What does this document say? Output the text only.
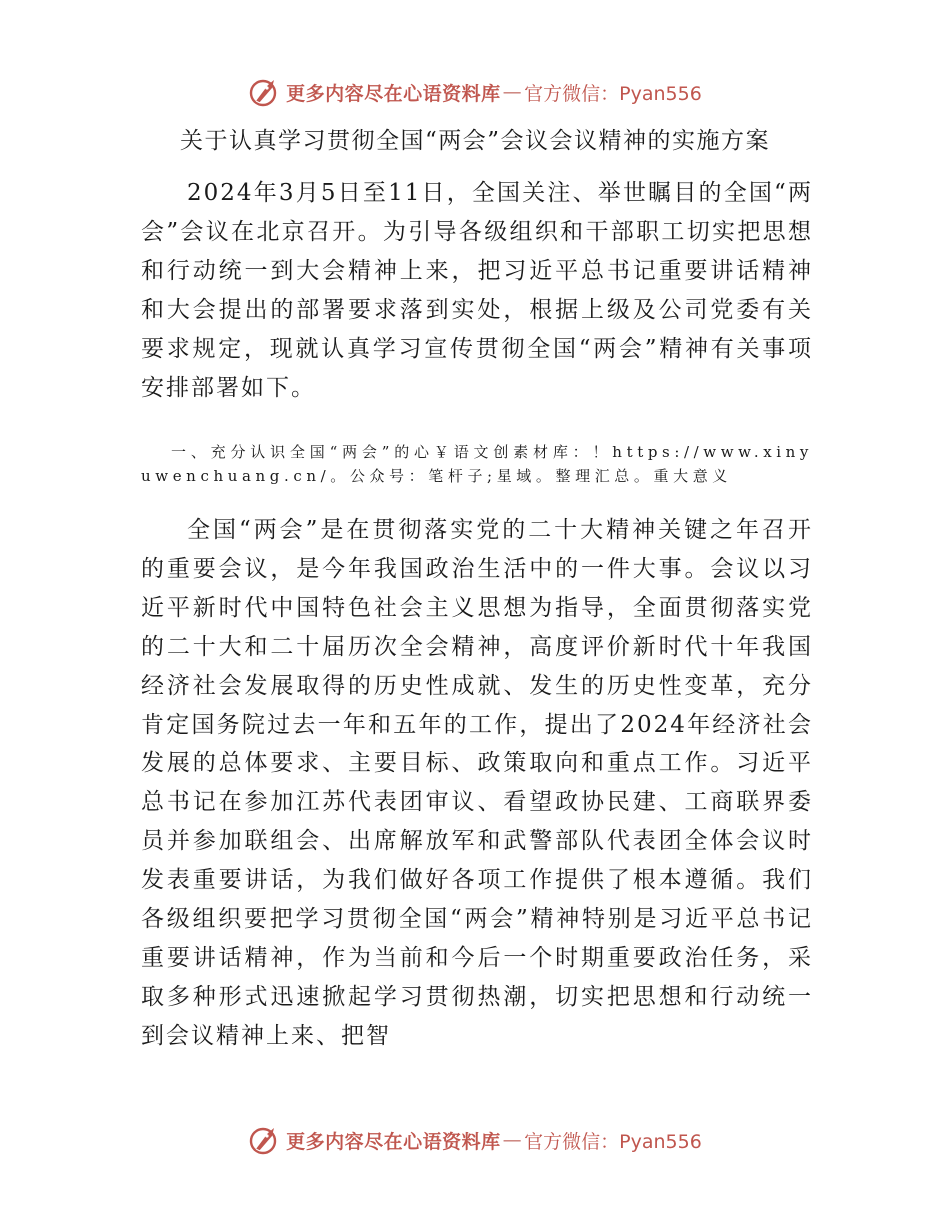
更多内容尽在心语资料库 — 官方微信：Pyan556
关于认真学习贯彻全国“两会”会议会议精神的实施方案

2024年3月5日至11日，全国关注、举世瞩目的全国“两会”会议在北京召开。为引导各级组织和干部职工切实把思想和行动统一到大会精神上来，把习近平总书记重要讲话精神和大会提出的部署要求落到实处，根据上级及公司党委有关要求规定，现就认真学习宣传贯彻全国“两会”精神有关事项安排部署如下。

一、充分认识全国“两会”的心￥语文创素材库：！https://www.xinyuwenchuang.cn/。公众号：笔杆子;星域。整理汇总。重大意义

全国“两会”是在贯彻落实党的二十大精神关键之年召开的重要会议，是今年我国政治生活中的一件大事。会议以习近平新时代中国特色社会主义思想为指导，全面贯彻落实党的二十大和二十届历次全会精神，高度评价新时代十年我国经济社会发展取得的历史性成就、发生的历史性变革，充分肯定国务院过去一年和五年的工作，提出了2024年经济社会发展的总体要求、主要目标、政策取向和重点工作。习近平总书记在参加江苏代表团审议、看望政协民建、工商联界委员并参加联组会、出席解放军和武警部队代表团全体会议时发表重要讲话，为我们做好各项工作提供了根本遵循。我们各级组织要把学习贯彻全国“两会”精神特别是习近平总书记重要讲话精神，作为当前和今后一个时期重要政治任务，采取多种形式迅速掀起学习贯彻热潮，切实把思想和行动统一到会议精神上来、把智

更多内容尽在心语资料库 — 官方微信：Pyan556
